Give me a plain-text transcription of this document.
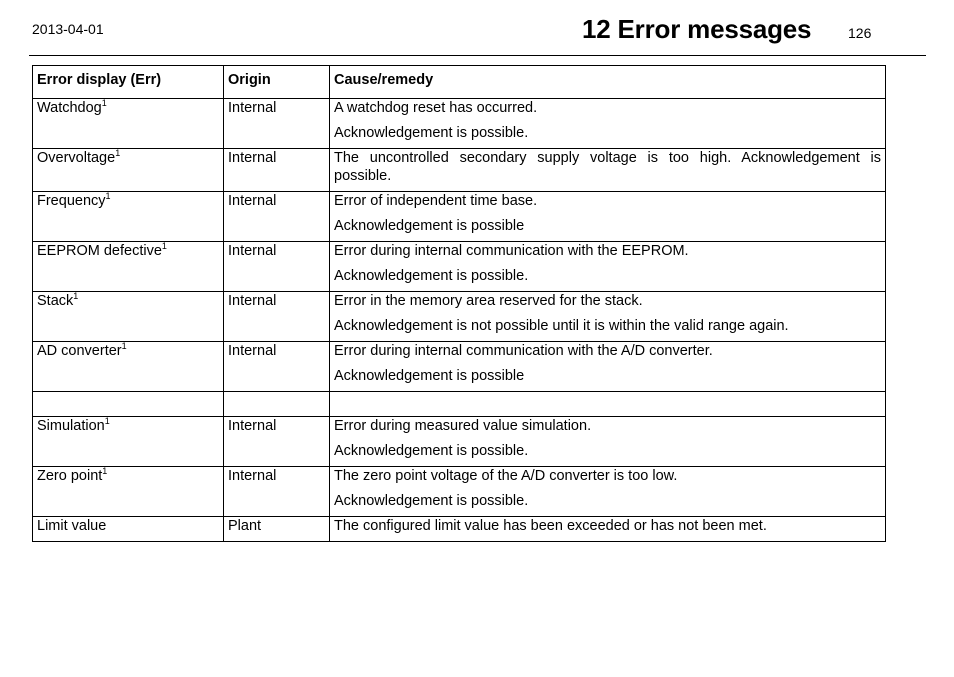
2013-04-01	12 Error messages	126
Error display (Err)	Origin	Cause/remedy
Watchdog$^1$	Internal	A watchdog reset has occurred.
Acknowledgement is possible.

Overvoltage$^1$	Internal	The uncontrolled secondary supply voltage is too high. Acknowledgement is possible.

Frequency$^1$	Internal	Error of independent time base.
Acknowledgement is possible

EEPROM defective$^1$	Internal	Error during internal communication with the EEPROM.
Acknowledgement is possible.

Stack$^1$	Internal	Error in the memory area reserved for the stack.
Acknowledgement is not possible until it is within the valid range again.

AD converter$^1$	Internal	Error during internal communication with the A/D converter.
Acknowledgement is possible

Simulation$^1$	Internal	Error during measured value simulation.
Acknowledgement is possible.

Zero point$^1$	Internal	The zero point voltage of the A/D converter is too low.
Acknowledgement is possible.

Limit value	Plant	The configured limit value has been exceeded or has not been met.
